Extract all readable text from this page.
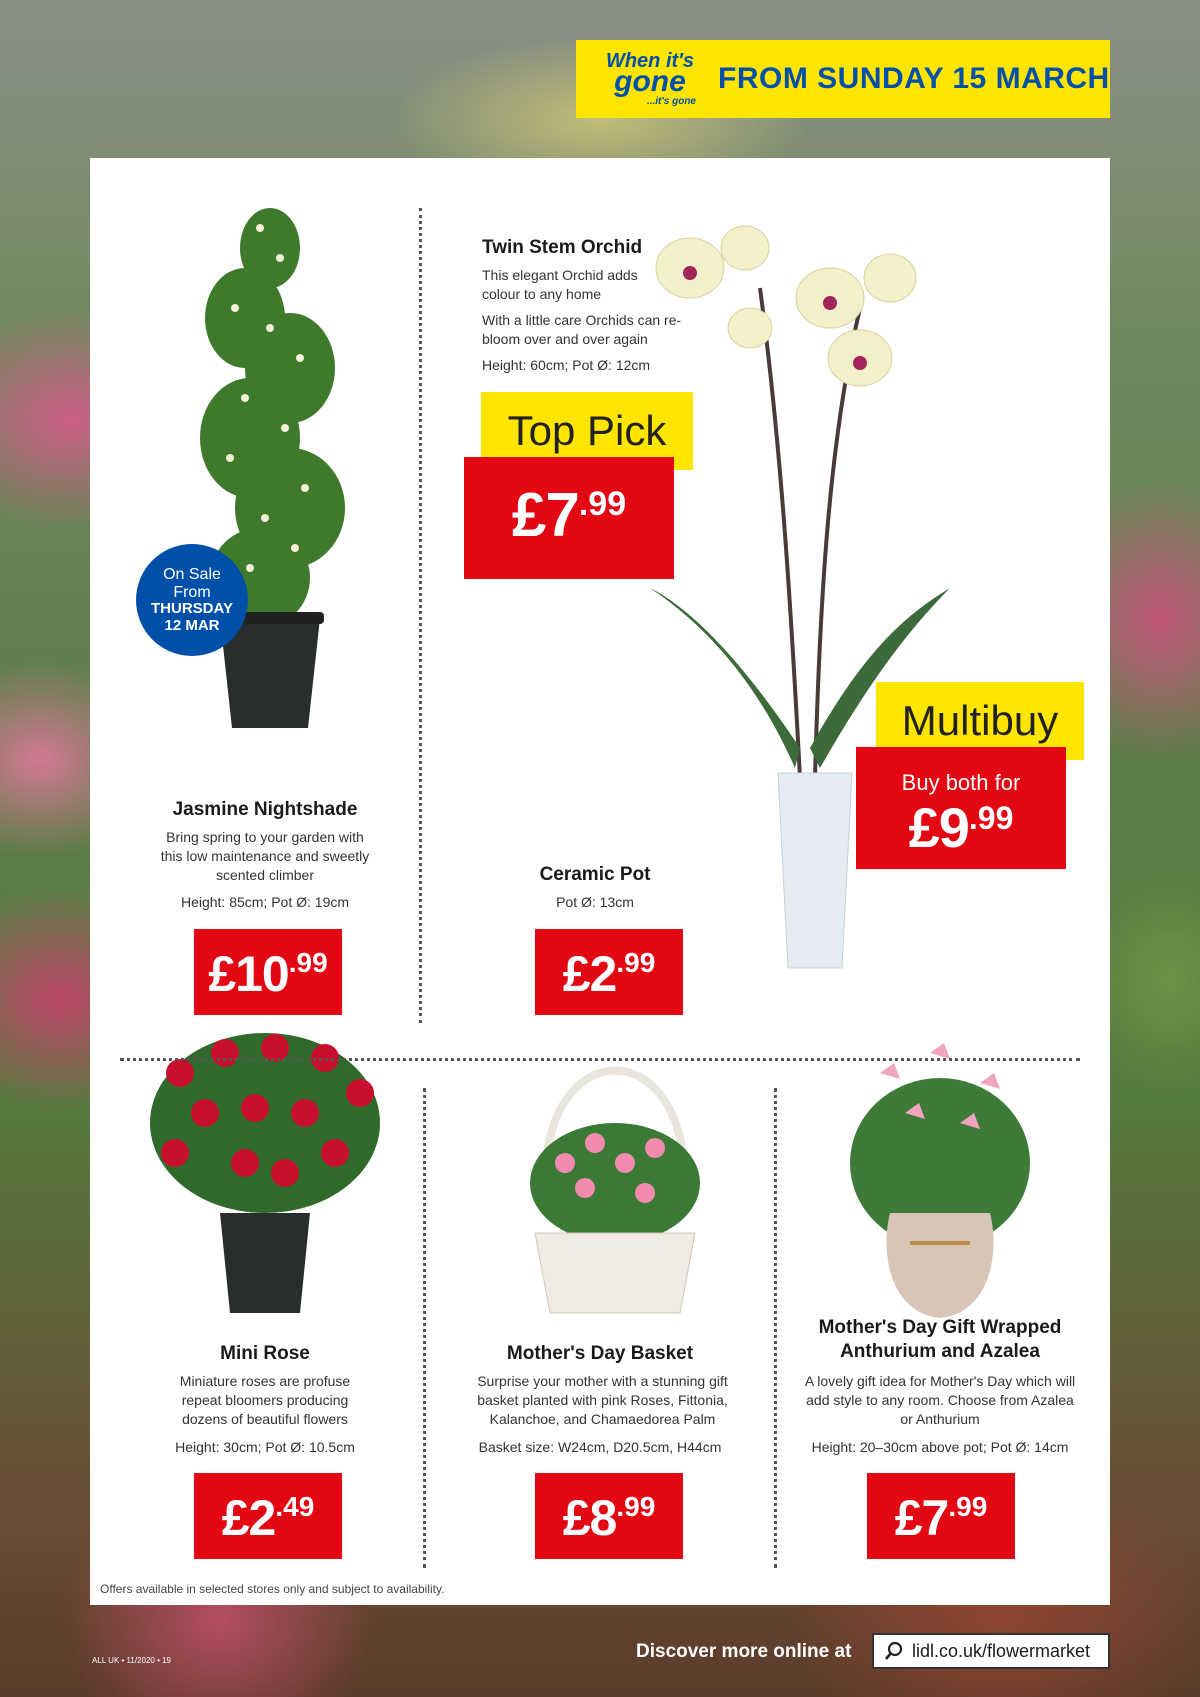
When it's
gone
...it's gone
FROM SUNDAY 15 MARCH
Jasmine Nightshade
Bring spring to your garden with this low maintenance and sweetly scented climber
Height: 85cm; Pot Ø: 19cm
£10 .99
Twin Stem Orchid
This elegant Orchid adds colour to any home
With a little care Orchids can re-bloom over and over again
Height: 60cm; Pot Ø: 12cm
Top Pick
£7 .99
Ceramic Pot
Pot Ø: 13cm
£2 .99
Multibuy
Buy both for
£9 .99
Mini Rose
Miniature roses are profuse repeat bloomers producing dozens of beautiful flowers
Height: 30cm; Pot Ø: 10.5cm
£2 .49
Mother's Day Basket
Surprise your mother with a stunning gift basket planted with pink Roses, Fittonia, Kalanchoe, and Chamaedorea Palm
Basket size: W24cm, D20.5cm, H44cm
£8 .99
Mother's Day Gift Wrapped Anthurium and Azalea
A lovely gift idea for Mother's Day which will add style to any room. Choose from Azalea or Anthurium
Height: 20–30cm above pot; Pot Ø: 14cm
£7 .99
On Sale
From
THURSDAY
12 MAR
Offers available in selected stores only and subject to availability.
ALL UK • 11/2020 • 19	Discover more online at	lidl.co.uk/flowermarket
